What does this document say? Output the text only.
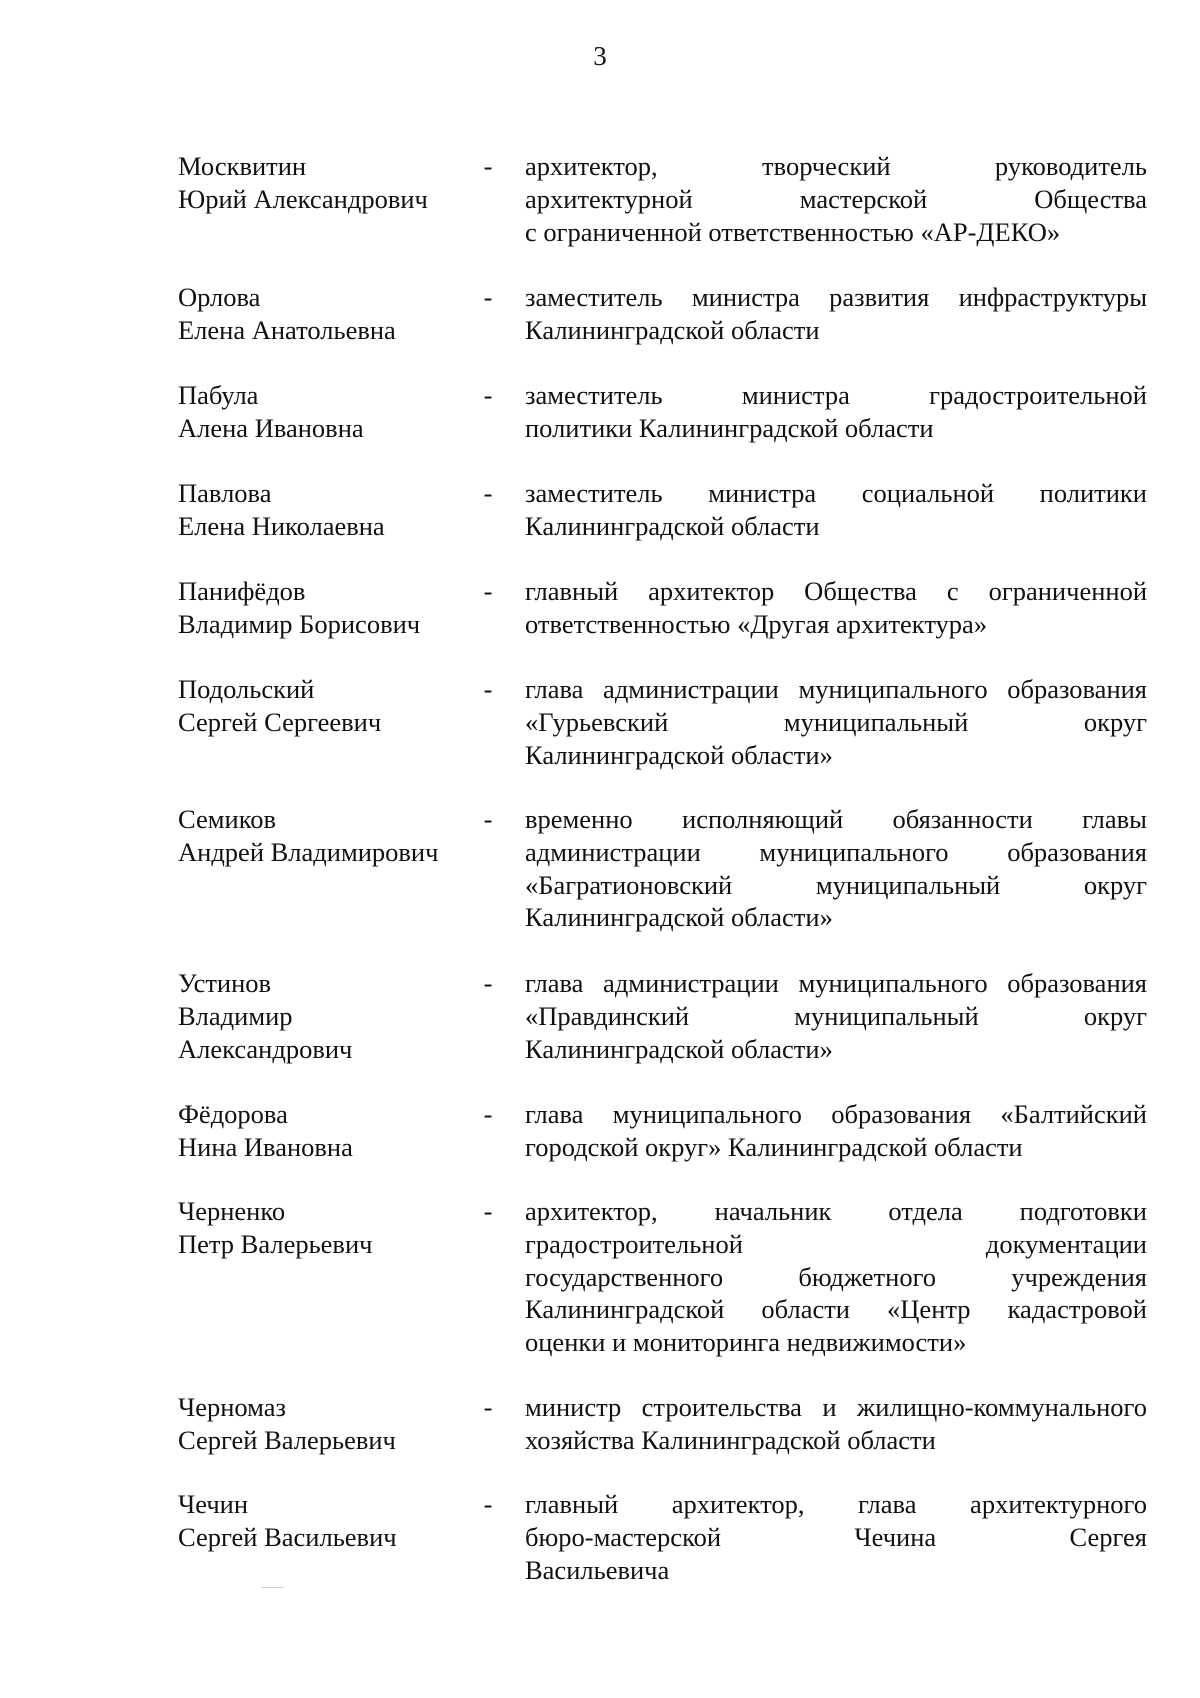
3
Москвитин
Юрий Александрович
- архитектор, творческий руководитель
архитектурной мастерской Общества
с ограниченной ответственностью «АР-ДЕКО»
Орлова
Елена Анатольевна
- заместитель министра развития инфраструктуры
Калининградской области
Пабула
Алена Ивановна
- заместитель министра градостроительной
политики Калининградской области
Павлова
Елена Николаевна
- заместитель министра социальной политики
Калининградской области
Панифёдов
Владимир Борисович
- главный архитектор Общества с ограниченной
ответственностью «Другая архитектура»
Подольский
Сергей Сергеевич
- глава администрации муниципального образования
«Гурьевский муниципальный округ
Калининградской области»
Семиков
Андрей Владимирович
- временно исполняющий обязанности главы
администрации муниципального образования
«Багратионовский муниципальный округ
Калининградской области»
Устинов
Владимир
Александрович
- глава администрации муниципального образования
«Правдинский муниципальный округ
Калининградской области»
Фёдорова
Нина Ивановна
- глава муниципального образования «Балтийский
городской округ» Калининградской области
Черненко
Петр Валерьевич
- архитектор, начальник отдела подготовки
градостроительной документации
государственного бюджетного учреждения
Калининградской области «Центр кадастровой
оценки и мониторинга недвижимости»
Черномаз
Сергей Валерьевич
- министр строительства и жилищно-коммунального
хозяйства Калининградской области
Чечин
Сергей Васильевич
- главный архитектор, глава архитектурного
бюро-мастерской Чечина Сергея
Васильевича
